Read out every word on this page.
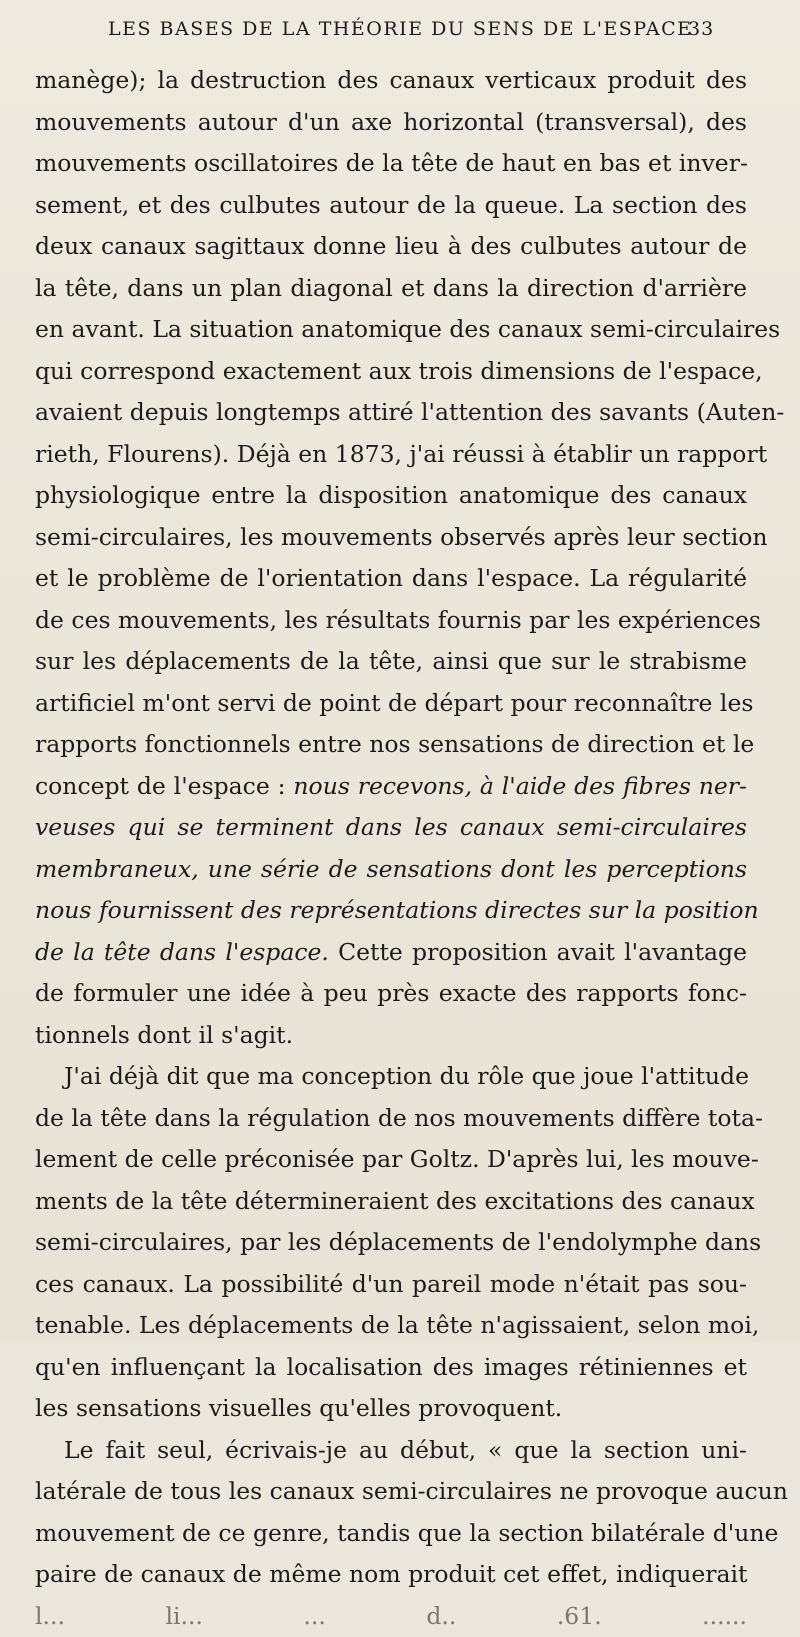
LES BASES DE LA THÉORIE DU SENS DE L'ESPACE
33
manège); la destruction des canaux verticaux produit des
mouvements autour d'un axe horizontal (transversal), des
mouvements oscillatoires de la tête de haut en bas et inver-
sement, et des culbutes autour de la queue. La section des
deux canaux sagittaux donne lieu à des culbutes autour de
la tête, dans un plan diagonal et dans la direction d'arrière
en avant. La situation anatomique des canaux semi-circulaires
qui correspond exactement aux trois dimensions de l'espace,
avaient depuis longtemps attiré l'attention des savants (Auten-
rieth, Flourens). Déjà en 1873, j'ai réussi à établir un rapport
physiologique entre la disposition anatomique des canaux
semi-circulaires, les mouvements observés après leur section
et le problème de l'orientation dans l'espace. La régularité
de ces mouvements, les résultats fournis par les expériences
sur les déplacements de la tête, ainsi que sur le strabisme
artificiel m'ont servi de point de départ pour reconnaître les
rapports fonctionnels entre nos sensations de direction et le
concept de l'espace : nous recevons, à l'aide des fibres ner-
veuses qui se terminent dans les canaux semi-circulaires
membraneux, une série de sensations dont les perceptions
nous fournissent des représentations directes sur la position
de la tête dans l'espace. Cette proposition avait l'avantage
de formuler une idée à peu près exacte des rapports fonc-
tionnels dont il s'agit.
J'ai déjà dit que ma conception du rôle que joue l'attitude
de la tête dans la régulation de nos mouvements diffère tota-
lement de celle préconisée par Goltz. D'après lui, les mouve-
ments de la tête détermineraient des excitations des canaux
semi-circulaires, par les déplacements de l'endolymphe dans
ces canaux. La possibilité d'un pareil mode n'était pas sou-
tenable. Les déplacements de la tête n'agissaient, selon moi,
qu'en influençant la localisation des images rétiniennes et
les sensations visuelles qu'elles provoquent.
Le fait seul, écrivais-je au début, « que la section uni-
latérale de tous les canaux semi-circulaires ne provoque aucun
mouvement de ce genre, tandis que la section bilatérale d'une
paire de canaux de même nom produit cet effet, indiquerait
l... li... ... d.. .61. ......
